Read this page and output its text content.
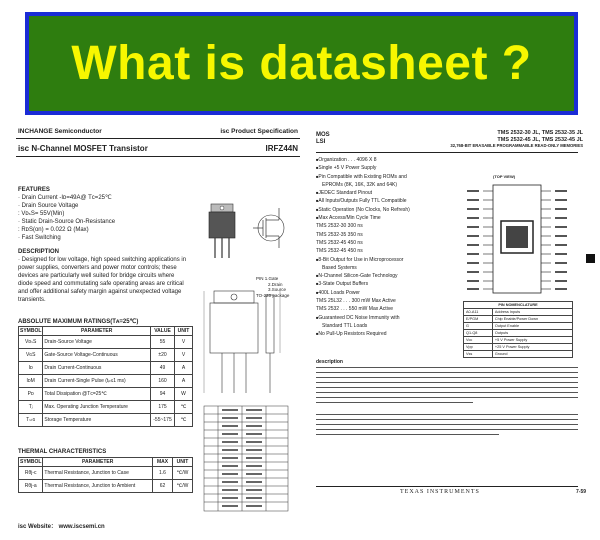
What is datasheet ?
INCHANGE Semiconductor	isc Product Specification
isc N-Channel MOSFET Transistor	IRFZ44N
FEATURES
· Drain Current -Iᴅ=49A@ Tᴄ=25℃
· Drain Source Voltage
: VᴅₛS= 55V(Min)
· Static Drain-Source On-Resistance
: RᴅS(on) = 0.022 Ω (Max)
· Fast Switching
DESCRIPTION
· Designed for low voltage, high speed switching applications in
power supplies, converters and power motor controls; these
devices are particularly well suited for bridge circuits where
diode speed and commutating safe operating areas are critical
and offer additional safety margin against unexpected voltage
transients.
PIN 1.Gate
2.Drain
3.Source
TO-220 package
ABSOLUTE MAXIMUM RATINGS(Tᴀ=25℃)
SYMBOL	PARAMETER	VALUE	UNIT
VᴅₛS	Drain-Source Voltage	55	V
VɢS	Gate-Source Voltage-Continuous	±20	V
Iᴅ	Drain Current-Continuous	49	A
IᴅM	Drain Current-Single Pulse (tₚ≤1 ms)	160	A
Pᴅ	Total Dissipation @Tᴄ=25℃	94	W
Tⱼ	Max. Operating Junction Temperature	175	℃
Tₛₜɢ	Storage Temperature	-55~175	℃
THERMAL CHARACTERISTICS
SYMBOL	PARAMETER	MAX	UNIT
Rθj-c	Thermal Resistance, Junction to Case	1.6	℃/W
Rθj-a	Thermal Resistance, Junction to Ambient	62	℃/W
isc Website： www.iscsemi.cn
MOS
LSI
TMS 2532-30 JL, TMS 2532-35 JL
TMS 2532-45 JL, TMS 2532-45 JL
32,768-BIT ERASABLE PROGRAMMABLE READ-ONLY MEMORIES
■ Organization . . . 4096 X 8
■ Single +5 V Power Supply
■ Pin Compatible with Existing ROMs and
EPROMs (8K, 16K, 32K and 64K)
■ JEDEC Standard Pinout
■ All Inputs/Outputs Fully TTL Compatible
■ Static Operation (No Clocks, No Refresh)
■ Max Access/Min Cycle Time
TMS 2532-30 300 ns
TMS 2532-35 350 ns
TMS 2532-45 450 ns
TMS 2532-45 450 ns
■ 8-Bit Output for Use in Microprocessor
Based Systems
■ N-Channel Silicon-Gate Technology
■ 3-State Output Buffers
■ 400L Loads Power
TMS 25L32 . . . 300 mW Max Active
TMS 2532 . . . 550 mW Max Active
■ Guaranteed DC Noise Immunity with
Standard TTL Loads
■ No Pull-Up Resistors Required
(TOP VIEW)
PIN NOMENCLATURE	
A0-A11	Address Inputs
E/PGM	Chip Enable/Power Down
G	Output Enable
Q1-Q8	Outputs
Vcc	+5 V Power Supply
Vpp	+25 V Power Supply
Vss	Ground
description
TEXAS INSTRUMENTS	7-59
